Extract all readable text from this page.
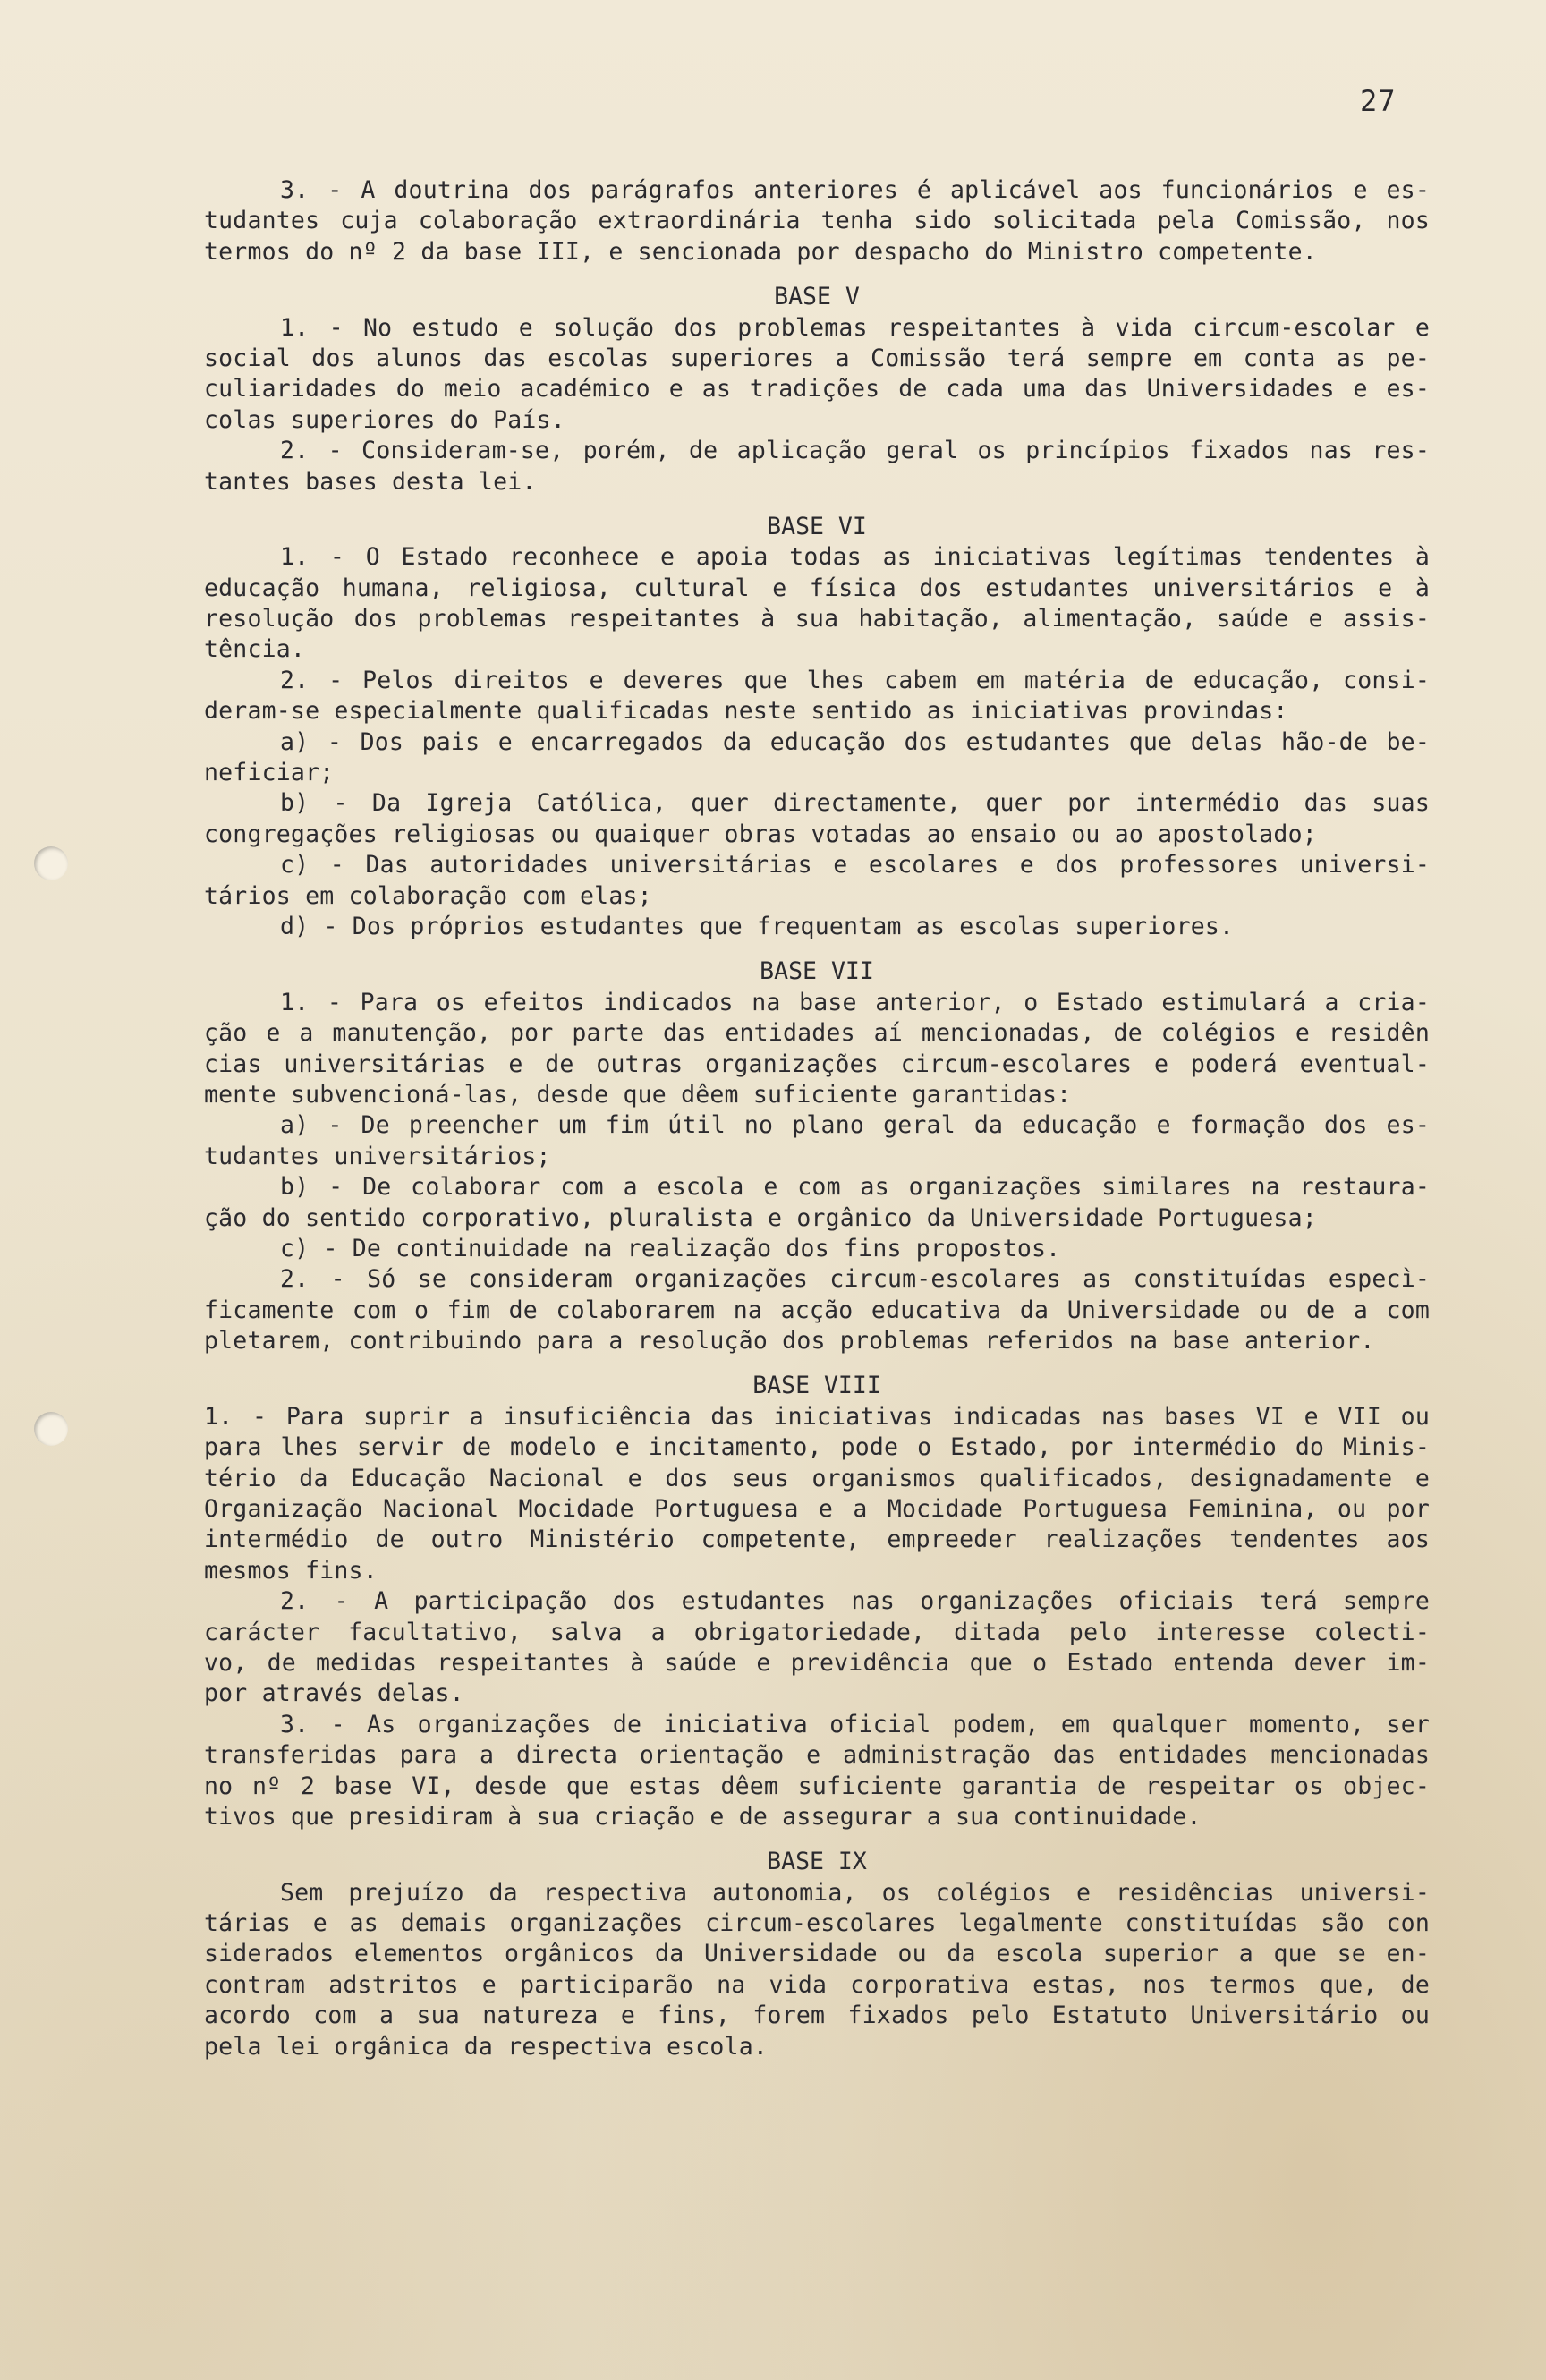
27
3. - A doutrina dos parágrafos anteriores é aplicável aos funcionários e es-
tudantes cuja colaboração extraordinária tenha sido solicitada pela Comissão, nos
termos do nº 2 da base III, e sencionada por despacho do Ministro competente.
BASE V
1. - No estudo e solução dos problemas respeitantes à vida circum-escolar e
social dos alunos das escolas superiores a Comissão terá sempre em conta as pe-
culiaridades do meio académico e as tradições de cada uma das Universidades e es-
colas superiores do País.
2. - Consideram-se, porém, de aplicação geral os princípios fixados nas res-
tantes bases desta lei.
BASE VI
1. - O Estado reconhece e apoia todas as iniciativas legítimas tendentes à
educação humana, religiosa, cultural e física dos estudantes universitários e à
resolução dos problemas respeitantes à sua habitação, alimentação, saúde e assis-
tência.
2. - Pelos direitos e deveres que lhes cabem em matéria de educação, consi-
deram-se especialmente qualificadas neste sentido as iniciativas provindas:
a) - Dos pais e encarregados da educação dos estudantes que delas hão-de be-
neficiar;
b) - Da Igreja Católica, quer directamente, quer por intermédio das suas
congregações religiosas ou quaiquer obras votadas ao ensaio ou ao apostolado;
c) - Das autoridades universitárias e escolares e dos professores universi-
tários em colaboração com elas;
d) - Dos próprios estudantes que frequentam as escolas superiores.
BASE VII
1. - Para os efeitos indicados na base anterior, o Estado estimulará a cria-
ção e a manutenção, por parte das entidades aí mencionadas, de colégios e residên
cias universitárias e de outras organizações circum-escolares e poderá eventual-
mente subvencioná-las, desde que dêem suficiente garantidas:
a) - De preencher um fim útil no plano geral da educação e formação dos es-
tudantes universitários;
b) - De colaborar com a escola e com as organizações similares na restaura-
ção do sentido corporativo, pluralista e orgânico da Universidade Portuguesa;
c) - De continuidade na realização dos fins propostos.
2. - Só se consideram organizações circum-escolares as constituídas especì-
ficamente com o fim de colaborarem na acção educativa da Universidade ou de a com
pletarem, contribuindo para a resolução dos problemas referidos na base anterior.
BASE VIII
1. - Para suprir a insuficiência das iniciativas indicadas nas bases VI e VII ou
para lhes servir de modelo e incitamento, pode o Estado, por intermédio do Minis-
tério da Educação Nacional e dos seus organismos qualificados, designadamente e
Organização Nacional Mocidade Portuguesa e a Mocidade Portuguesa Feminina, ou por
intermédio de outro Ministério competente, empreeder realizações tendentes aos
mesmos fins.
2. - A participação dos estudantes nas organizações oficiais terá sempre
carácter facultativo, salva a obrigatoriedade, ditada pelo interesse colecti-
vo, de medidas respeitantes à saúde e previdência que o Estado entenda dever im-
por através delas.
3. - As organizações de iniciativa oficial podem, em qualquer momento, ser
transferidas para a directa orientação e administração das entidades mencionadas
no nº 2 base VI, desde que estas dêem suficiente garantia de respeitar os objec-
tivos que presidiram à sua criação e de assegurar a sua continuidade.
BASE IX
Sem prejuízo da respectiva autonomia, os colégios e residências universi-
tárias e as demais organizações circum-escolares legalmente constituídas são con
siderados elementos orgânicos da Universidade ou da escola superior a que se en-
contram adstritos e participarão na vida corporativa estas, nos termos que, de
acordo com a sua natureza e fins, forem fixados pelo Estatuto Universitário ou
pela lei orgânica da respectiva escola.
